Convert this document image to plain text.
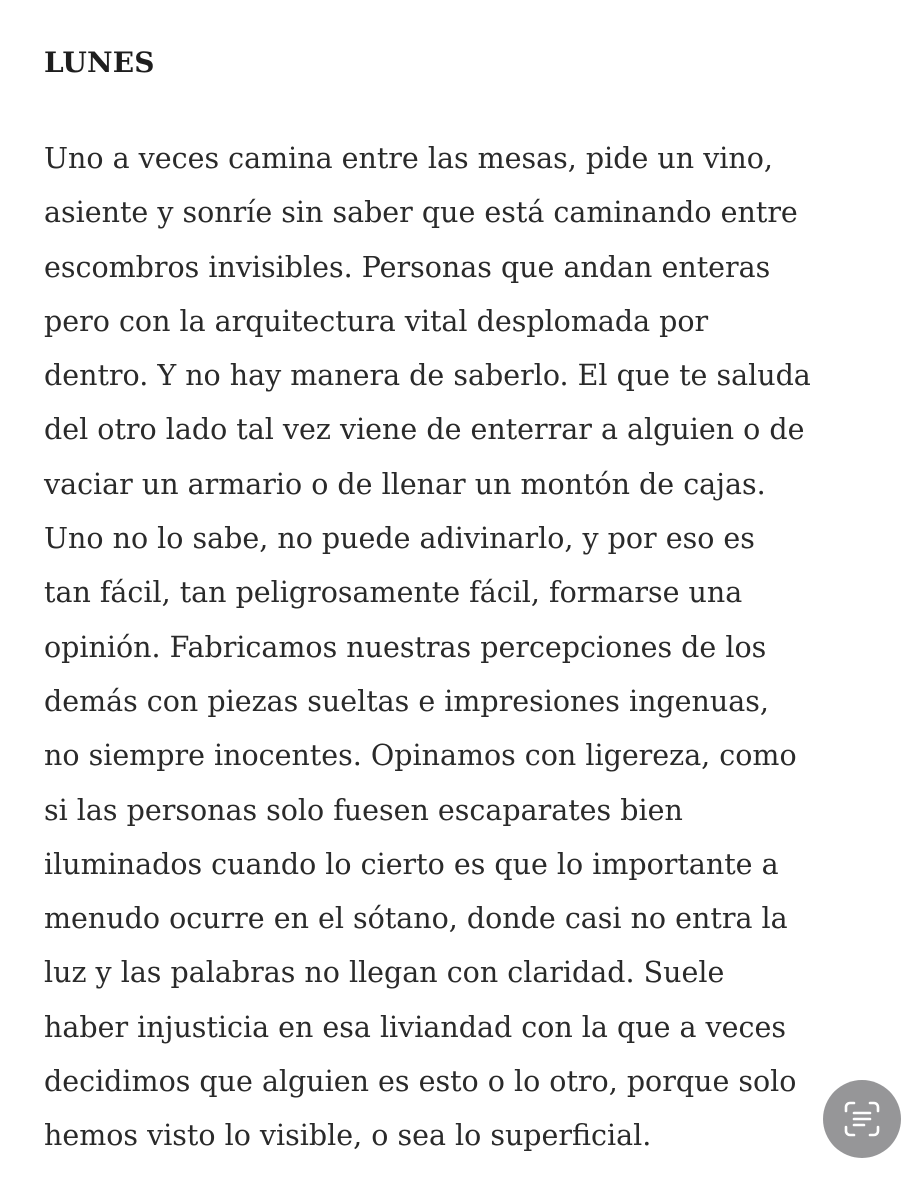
LUNES

Uno a veces camina entre las mesas, pide un vino,
asiente y sonríe sin saber que está caminando entre
escombros invisibles. Personas que andan enteras
pero con la arquitectura vital desplomada por
dentro. Y no hay manera de saberlo. El que te saluda
del otro lado tal vez viene de enterrar a alguien o de
vaciar un armario o de llenar un montón de cajas.
Uno no lo sabe, no puede adivinarlo, y por eso es
tan fácil, tan peligrosamente fácil, formarse una
opinión. Fabricamos nuestras percepciones de los
demás con piezas sueltas e impresiones ingenuas,
no siempre inocentes. Opinamos con ligereza, como
si las personas solo fuesen escaparates bien
iluminados cuando lo cierto es que lo importante a
menudo ocurre en el sótano, donde casi no entra la
luz y las palabras no llegan con claridad. Suele
haber injusticia en esa liviandad con la que a veces
decidimos que alguien es esto o lo otro, porque solo
hemos visto lo visible, o sea lo superficial.
